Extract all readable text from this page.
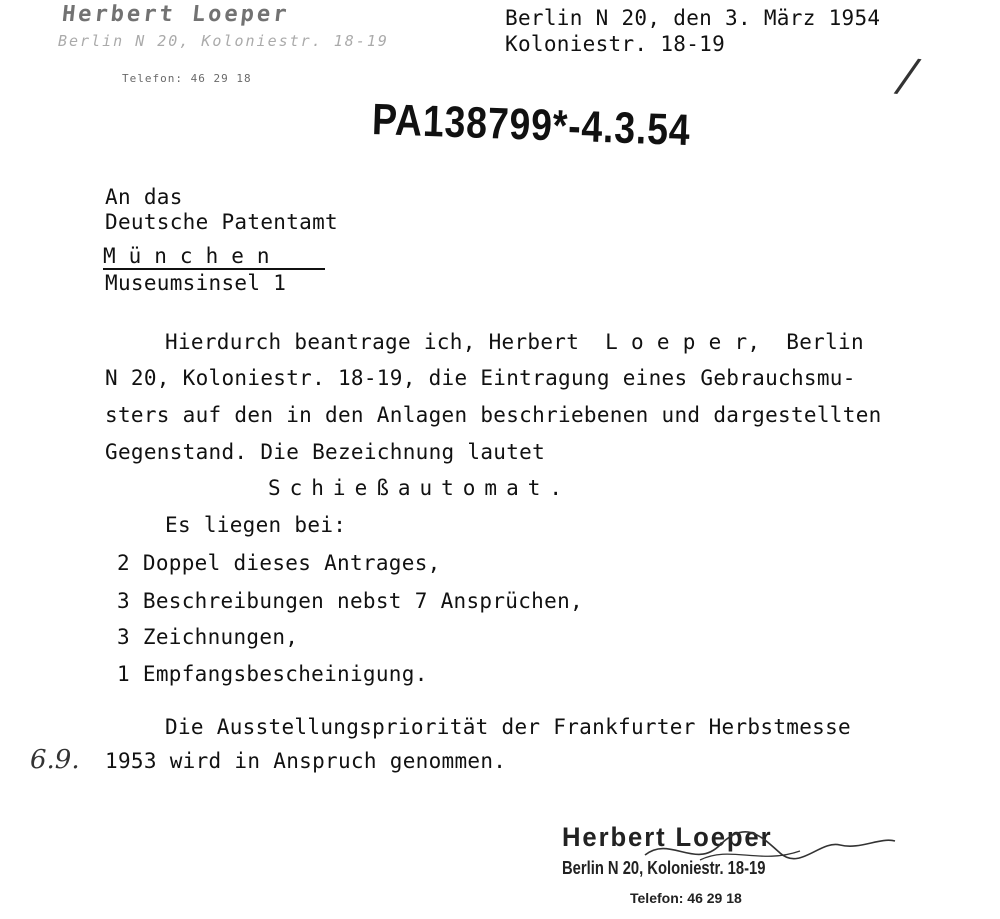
Herbert Loeper
Berlin N 20, Koloniestr. 18-19
Telefon: 46 29 18
Berlin N 20, den 3. März 1954
Koloniestr. 18-19
/
PA138799*-4.3.54
An das
Deutsche Patentamt
München
Museumsinsel 1
Hierdurch beantrage ich, Herbert  L o e p e r,  Berlin
N 20, Koloniestr. 18-19, die Eintragung eines Gebrauchsmu-
sters auf den in den Anlagen beschriebenen und dargestellten
Gegenstand. Die Bezeichnung lautet
Schießautomat.
Es liegen bei:
2 Doppel dieses Antrages,
3 Beschreibungen nebst 7 Ansprüchen,
3 Zeichnungen,
1 Empfangsbescheinigung.
Die Ausstellungspriorität der Frankfurter Herbstmesse
6.9. 1953 wird in Anspruch genommen.
Herbert Loeper
Berlin N 20, Koloniestr. 18-19
Telefon: 46 29 18
